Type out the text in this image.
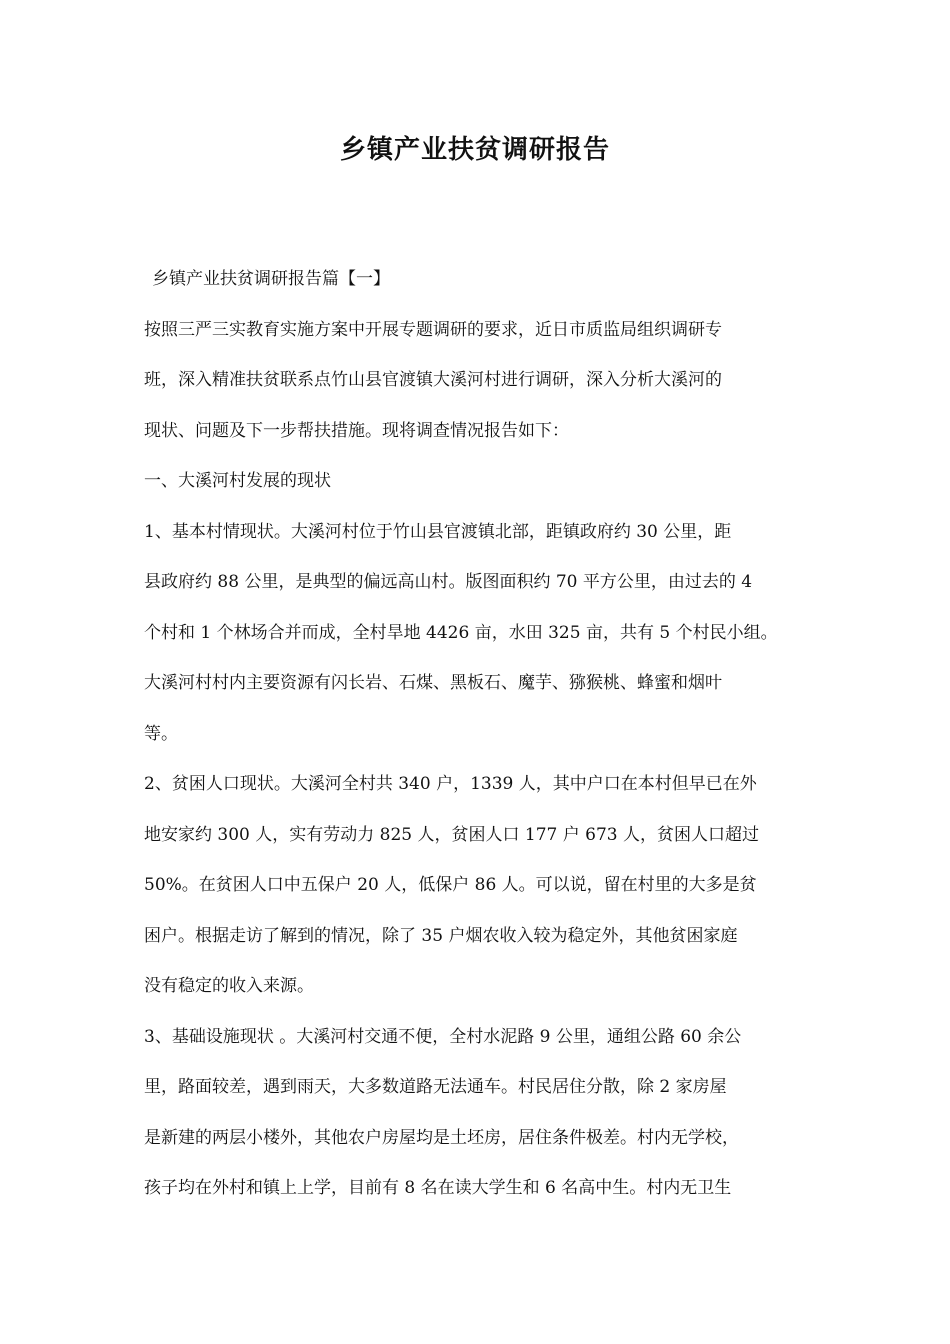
乡镇产业扶贫调研报告

乡镇产业扶贫调研报告篇【一】

按照三严三实教育实施方案中开展专题调研的要求，近日市质监局组织调研专

班，深入精准扶贫联系点竹山县官渡镇大溪河村进行调研，深入分析大溪河的

现状、问题及下一步帮扶措施。现将调查情况报告如下：

一、大溪河村发展的现状

1、基本村情现状。大溪河村位于竹山县官渡镇北部，距镇政府约 30 公里，距

县政府约 88 公里，是典型的偏远高山村。版图面积约 70 平方公里，由过去的 4

个村和 1 个林场合并而成，全村旱地 4426 亩，水田 325 亩，共有 5 个村民小组。

大溪河村村内主要资源有闪长岩、石煤、黑板石、魔芋、猕猴桃、蜂蜜和烟叶

等。

2、贫困人口现状。大溪河全村共 340 户，1339 人，其中户口在本村但早已在外

地安家约 300 人，实有劳动力 825 人，贫困人口 177 户 673 人，贫困人口超过

50%。在贫困人口中五保户 20 人，低保户 86 人。可以说，留在村里的大多是贫

困户。根据走访了解到的情况，除了 35 户烟农收入较为稳定外，其他贫困家庭

没有稳定的收入来源。

3、基础设施现状 。大溪河村交通不便，全村水泥路 9 公里，通组公路 60 余公

里，路面较差，遇到雨天，大多数道路无法通车。村民居住分散，除 2 家房屋

是新建的两层小楼外，其他农户房屋均是土坯房，居住条件极差。村内无学校，

孩子均在外村和镇上上学，目前有 8 名在读大学生和 6 名高中生。村内无卫生
